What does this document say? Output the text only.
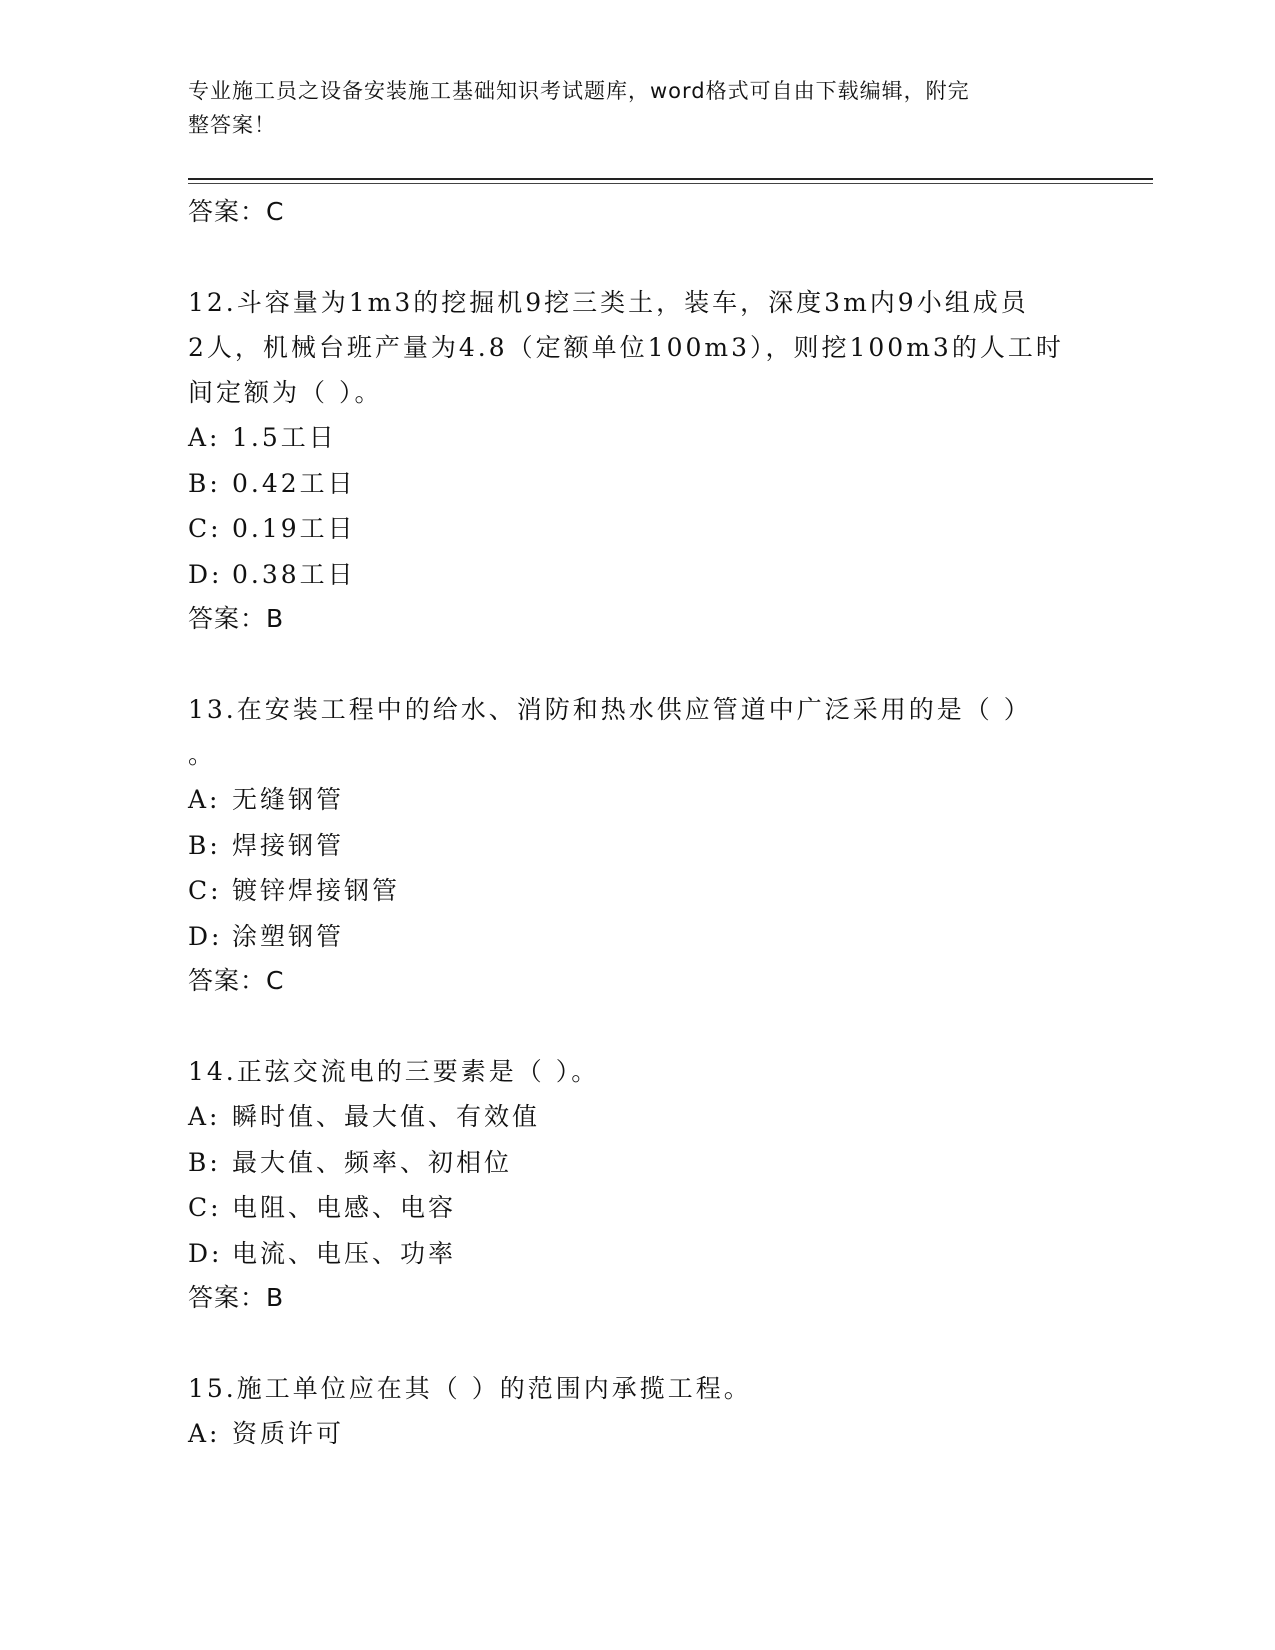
专业施工员之设备安装施工基础知识考试题库，word格式可自由下载编辑，附完
整答案！
答案：C
12.斗容量为1m3的挖掘机9挖三类土，装车，深度3m内9小组成员
2人，机械台班产量为4.8（定额单位100m3），则挖100m3的人工时
间定额为（ ）。
A: 1.5工日
B: 0.42工日
C: 0.19工日
D: 0.38工日
答案：B
13.在安装工程中的给水、消防和热水供应管道中广泛采用的是（ ）
。
A: 无缝钢管
B: 焊接钢管
C: 镀锌焊接钢管
D: 涂塑钢管
答案：C
14.正弦交流电的三要素是（ ）。
A: 瞬时值、最大值、有效值
B: 最大值、频率、初相位
C: 电阻、电感、电容
D: 电流、电压、功率
答案：B
15.施工单位应在其（ ）的范围内承揽工程。
A: 资质许可
